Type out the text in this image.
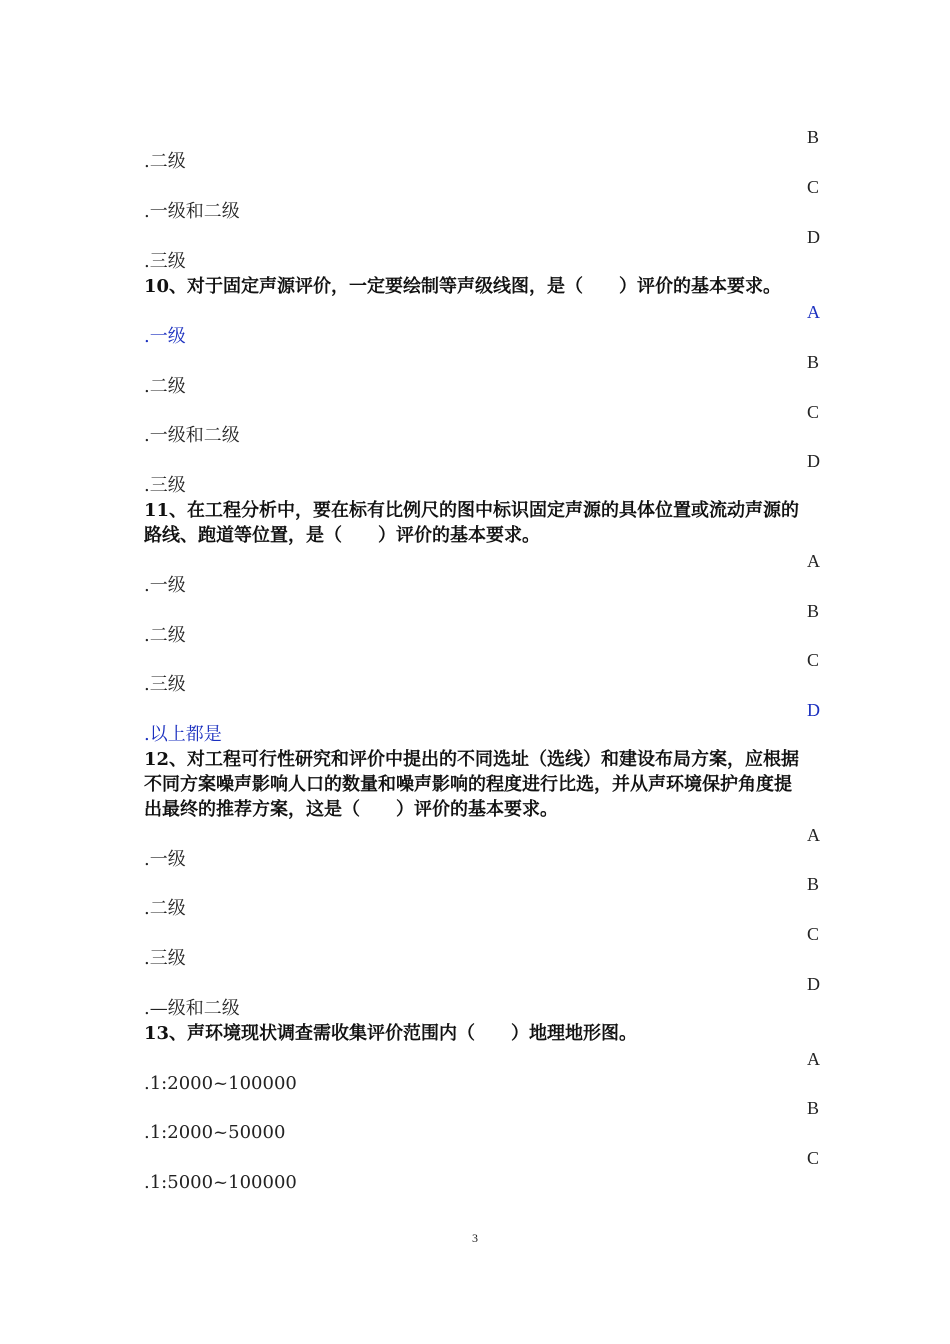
B
.二级
C
.一级和二级
D
.三级
10、对于固定声源评价，一定要绘制等声级线图，是（　　）评价的基本要求。
A
.一级
B
.二级
C
.一级和二级
D
.三级
11、在工程分析中，要在标有比例尺的图中标识固定声源的具体位置或流动声源的路线、跑道等位置，是（　　）评价的基本要求。
A
.一级
B
.二级
C
.三级
D
.以上都是
12、对工程可行性研究和评价中提出的不同选址（选线）和建设布局方案，应根据不同方案噪声影响人口的数量和噪声影响的程度进行比选，并从声环境保护角度提出最终的推荐方案，这是（　　）评价的基本要求。
A
.一级
B
.二级
C
.三级
D
.—级和二级
13、声环境现状调查需收集评价范围内（　　）地理地形图。
A
.1:2000~100000
B
.1:2000~50000
C
.1:5000~100000
3
